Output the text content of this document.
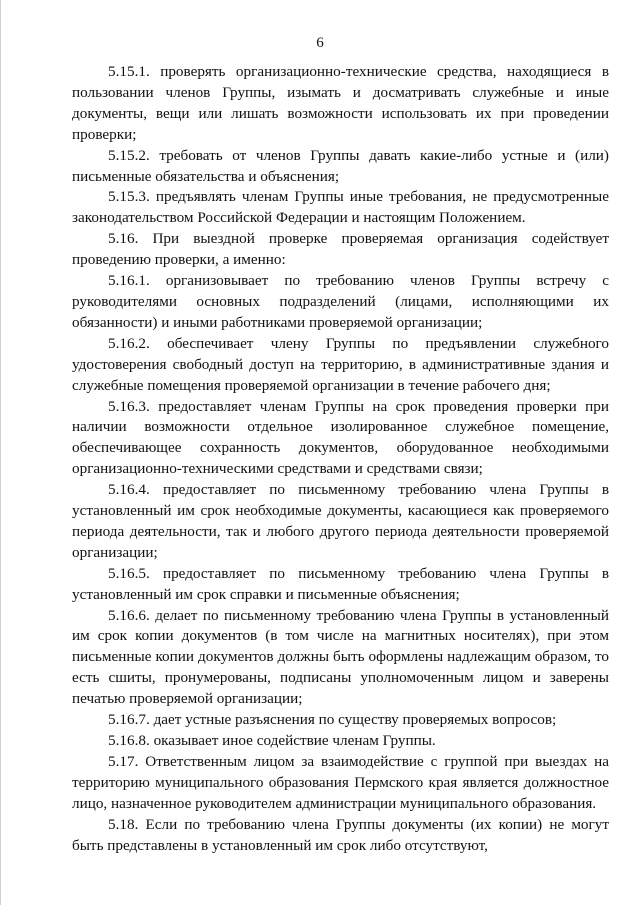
6

5.15.1. проверять организационно-технические средства, находящиеся в пользовании членов Группы, изымать и досматривать служебные и иные документы, вещи или лишать возможности использовать их при проведении проверки;

5.15.2. требовать от членов Группы давать какие-либо устные и (или) письменные обязательства и объяснения;

5.15.3. предъявлять членам Группы иные требования, не предусмотренные законодательством Российской Федерации и настоящим Положением.

5.16. При выездной проверке проверяемая организация содействует проведению проверки, а именно:

5.16.1. организовывает по требованию членов Группы встречу с руководителями основных подразделений (лицами, исполняющими их обязанности) и иными работниками проверяемой организации;

5.16.2. обеспечивает члену Группы по предъявлении служебного удостоверения свободный доступ на территорию, в административные здания и служебные помещения проверяемой организации в течение рабочего дня;

5.16.3. предоставляет членам Группы на срок проведения проверки при наличии возможности отдельное изолированное служебное помещение, обеспечивающее сохранность документов, оборудованное необходимыми организационно-техническими средствами и средствами связи;

5.16.4. предоставляет по письменному требованию члена Группы в установленный им срок необходимые документы, касающиеся как проверяемого периода деятельности, так и любого другого периода деятельности проверяемой организации;

5.16.5. предоставляет по письменному требованию члена Группы в установленный им срок справки и письменные объяснения;

5.16.6. делает по письменному требованию члена Группы в установленный им срок копии документов (в том числе на магнитных носителях), при этом письменные копии документов должны быть оформлены надлежащим образом, то есть сшиты, пронумерованы, подписаны уполномоченным лицом и заверены печатью проверяемой организации;

5.16.7. дает устные разъяснения по существу проверяемых вопросов;

5.16.8. оказывает иное содействие членам Группы.

5.17. Ответственным лицом за взаимодействие с группой при выездах на территорию муниципального образования Пермского края является должностное лицо, назначенное руководителем администрации муниципального образования.

5.18. Если по требованию члена Группы документы (их копии) не могут быть представлены в установленный им срок либо отсутствуют,
